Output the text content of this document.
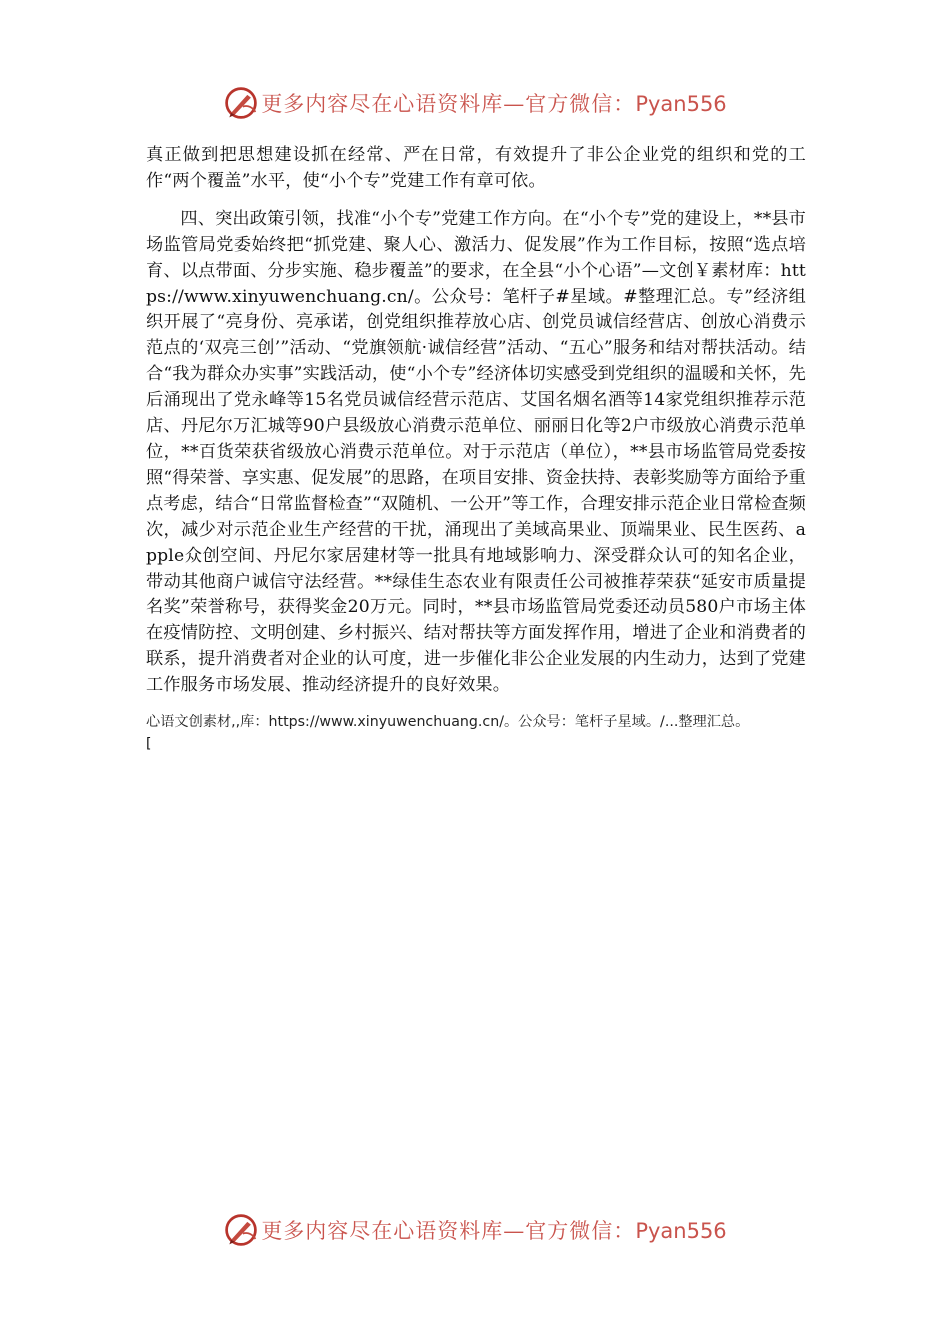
更多内容尽在心语资料库—官方微信：Pyan556

真正做到把思想建设抓在经常、严在日常，有效提升了非公企业党的组织和党的工作“两个覆盖”水平，使“小个专”党建工作有章可依。

四、突出政策引领，找准“小个专”党建工作方向。在“小个专”党的建设上，**县市场监管局党委始终把“抓党建、聚人心、激活力、促发展”作为工作目标，按照“选点培育、以点带面、分步实施、稳步覆盖”的要求，在全县“小个心语”—文创￥素材库：https://www.xinyuwenchuang.cn/。公众号：笔杆子#星域。#整理汇总。专”经济组织开展了“亮身份、亮承诺，创党组织推荐放心店、创党员诚信经营店、创放心消费示范点的‘双亮三创’”活动、“党旗领航·诚信经营”活动、“五心”服务和结对帮扶活动。结合“我为群众办实事”实践活动，使“小个专”经济体切实感受到党组织的温暖和关怀，先后涌现出了党永峰等15名党员诚信经营示范店、艾国名烟名酒等14家党组织推荐示范店、丹尼尔万汇城等90户县级放心消费示范单位、丽丽日化等2户市级放心消费示范单位，**百货荣获省级放心消费示范单位。对于示范店（单位），**县市场监管局党委按照“得荣誉、享实惠、促发展”的思路，在项目安排、资金扶持、表彰奖励等方面给予重点考虑，结合“日常监督检查”“双随机、一公开”等工作，合理安排示范企业日常检查频次，减少对示范企业生产经营的干扰，涌现出了美域高果业、顶端果业、民生医药、apple众创空间、丹尼尔家居建材等一批具有地域影响力、深受群众认可的知名企业，带动其他商户诚信守法经营。**绿佳生态农业有限责任公司被推荐荣获“延安市质量提名奖”荣誉称号，获得奖金20万元。同时，**县市场监管局党委还动员580户市场主体在疫情防控、文明创建、乡村振兴、结对帮扶等方面发挥作用，增进了企业和消费者的联系，提升消费者对企业的认可度，进一步催化非公企业发展的内生动力，达到了党建工作服务市场发展、推动经济提升的良好效果。

心语文创素材,,库：https://www.xinyuwenchuang.cn/。公众号：笔杆子星域。/...整理汇总。

[
更多内容尽在心语资料库—官方微信：Pyan556
